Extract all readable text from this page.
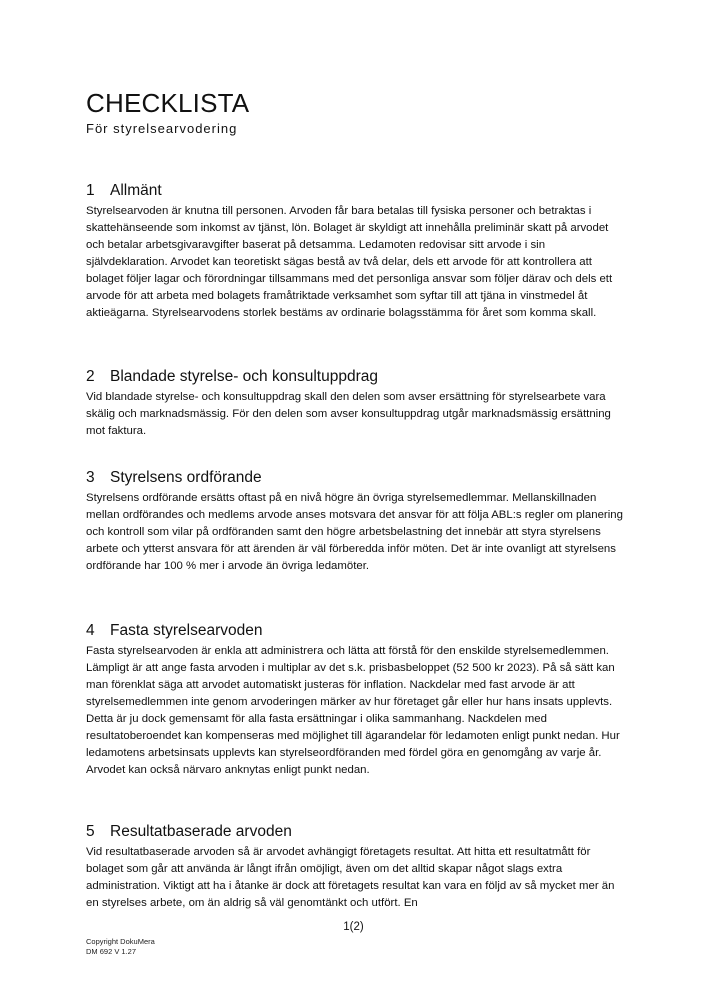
CHECKLISTA
För styrelsearvodering
1 Allmänt

Styrelsearvoden är knutna till personen. Arvoden får bara betalas till fysiska personer och betraktas i skattehänseende som inkomst av tjänst, lön. Bolaget är skyldigt att innehålla preliminär skatt på arvodet och betalar arbetsgivaravgifter baserat på detsamma. Ledamoten redovisar sitt arvode i sin självdeklaration. Arvodet kan teoretiskt sägas bestå av två delar, dels ett arvode för att kontrollera att bolaget följer lagar och förordningar tillsammans med det personliga ansvar som följer därav och dels ett arvode för att arbeta med bolagets framåtriktade verksamhet som syftar till att tjäna in vinstmedel åt aktieägarna. Styrelsearvodens storlek bestäms av ordinarie bolagsstämma för året som komma skall.

2 Blandade styrelse- och konsultuppdrag

Vid blandade styrelse- och konsultuppdrag skall den delen som avser ersättning för styrelsearbete vara skälig och marknadsmässig. För den delen som avser konsultuppdrag utgår marknadsmässig ersättning mot faktura.

3 Styrelsens ordförande

Styrelsens ordförande ersätts oftast på en nivå högre än övriga styrelsemedlemmar. Mellanskillnaden mellan ordförandes och medlems arvode anses motsvara det ansvar för att följa ABL:s regler om planering och kontroll som vilar på ordföranden samt den högre arbetsbelastning det innebär att styra styrelsens arbete och ytterst ansvara för att ärenden är väl förberedda inför möten. Det är inte ovanligt att styrelsens ordförande har 100 % mer i arvode än övriga ledamöter.

4 Fasta styrelsearvoden

Fasta styrelsearvoden är enkla att administrera och lätta att förstå för den enskilde styrelsemedlemmen. Lämpligt är att ange fasta arvoden i multiplar av det s.k. prisbasbeloppet (52 500 kr 2023). På så sätt kan man förenklat säga att arvodet automatiskt justeras för inflation. Nackdelar med fast arvode är att styrelsemedlemmen inte genom arvoderingen märker av hur företaget går eller hur hans insats upplevts. Detta är ju dock gemensamt för alla fasta ersättningar i olika sammanhang. Nackdelen med resultatoberoendet kan kompenseras med möjlighet till ägarandelar för ledamoten enligt punkt nedan. Hur ledamotens arbetsinsats upplevts kan styrelseordföranden med fördel göra en genomgång av varje år. Arvodet kan också närvaro anknytas enligt punkt nedan.

5 Resultatbaserade arvoden

Vid resultatbaserade arvoden så är arvodet avhängigt företagets resultat. Att hitta ett resultatmått för bolaget som går att använda är långt ifrån omöjligt, även om det alltid skapar något slags extra administration. Viktigt att ha i åtanke är dock att företagets resultat kan vara en följd av så mycket mer än en styrelses arbete, om än aldrig så väl genomtänkt och utfört. En

1(2)
Copyright DokuMera
DM 692 V 1.27
